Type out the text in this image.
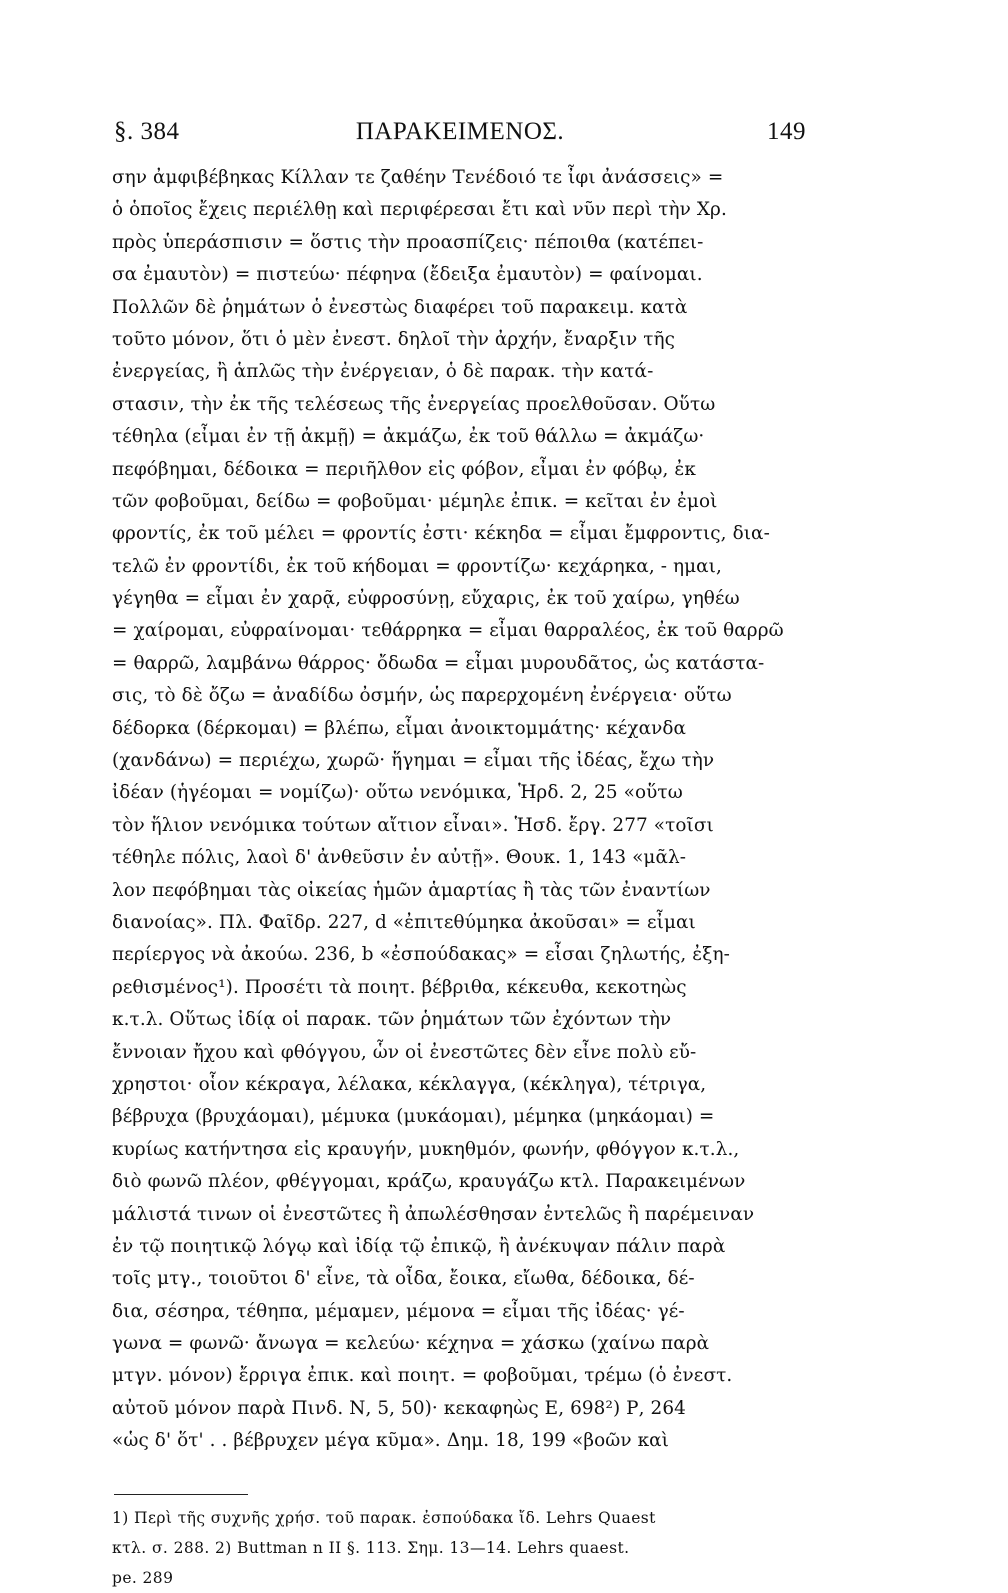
§. 384	ΠΑΡΑΚΕΙΜΕΝΟΣ.	149
σην ἀμφιβέβηκας Κίλλαν τε ζαθέην Τενέδοιό τε ἶφι ἀνάσσεις» =
ὁ ὁποῖος ἔχεις περιέλθῃ καὶ περιφέρεσαι ἔτι καὶ νῦν περὶ τὴν Χρ.
πρὸς ὑπεράσπισιν = ὅστις τὴν προασπίζεις· πέποιθα (κατέπει-
σα ἐμαυτὸν) = πιστεύω· πέφηνα (ἔδειξα ἐμαυτὸν) = φαίνομαι.
Πολλῶν δὲ ῥημάτων ὁ ἐνεστὼς διαφέρει τοῦ παρακειμ. κατὰ
τοῦτο μόνον, ὅτι ὁ μὲν ἐνεστ. δηλοῖ τὴν ἀρχήν, ἔναρξιν τῆς
ἐνεργείας, ἢ ἁπλῶς τὴν ἐνέργειαν, ὁ δὲ παρακ. τὴν κατά-
στασιν, τὴν ἐκ τῆς τελέσεως τῆς ἐνεργείας προελθοῦσαν. Οὕτω
τέθηλα (εἶμαι ἐν τῇ ἀκμῇ) = ἀκμάζω, ἐκ τοῦ θάλλω = ἀκμάζω·
πεφόβημαι, δέδοικα = περιῆλθον εἰς φόβον, εἶμαι ἐν φόβῳ, ἐκ
τῶν φοβοῦμαι, δείδω = φοβοῦμαι· μέμηλε ἐπικ. = κεῖται ἐν ἐμοὶ
φροντίς, ἐκ τοῦ μέλει = φροντίς ἐστι· κέκηδα = εἶμαι ἔμφροντις, δια-
τελῶ ἐν φροντίδι, ἐκ τοῦ κήδομαι = φροντίζω· κεχάρηκα, - ημαι,
γέγηθα = εἶμαι ἐν χαρᾷ, εὐφροσύνῃ, εὔχαρις, ἐκ τοῦ χαίρω, γηθέω
= χαίρομαι, εὐφραίνομαι· τεθάρρηκα = εἶμαι θαρραλέος, ἐκ τοῦ θαρρῶ
= θαρρῶ, λαμβάνω θάρρος· ὄδωδα = εἶμαι μυρουδᾶτος, ὡς κατάστα-
σις, τὸ δὲ ὄζω = ἀναδίδω ὀσμήν, ὡς παρερχομένη ἐνέργεια· οὕτω
δέδορκα (δέρκομαι) = βλέπω, εἶμαι ἀνοικτομμάτης· κέχανδα
(χανδάνω) = περιέχω, χωρῶ· ἥγημαι = εἶμαι τῆς ἰδέας, ἔχω τὴν
ἰδέαν (ἡγέομαι = νομίζω)· οὕτω νενόμικα, Ἡρδ. 2, 25 «οὕτω
τὸν ἥλιον νενόμικα τούτων αἴτιον εἶναι». Ἡσδ. ἔργ. 277 «τοῖσι
τέθηλε πόλις, λαοὶ δ' ἀνθεῦσιν ἐν αὐτῇ». Θουκ. 1, 143 «μᾶλ-
λον πεφόβημαι τὰς οἰκείας ἡμῶν ἁμαρτίας ἢ τὰς τῶν ἐναντίων
διανοίας». Πλ. Φαῖδρ. 227, d «ἐπιτεθύμηκα ἀκοῦσαι» = εἶμαι
περίεργος νὰ ἀκούω. 236, b «ἐσπούδακας» = εἶσαι ζηλωτής, ἐξη-
ρεθισμένος¹). Προσέτι τὰ ποιητ. βέβριθα, κέκευθα, κεκοτηὼς
κ.τ.λ. Οὕτως ἰδίᾳ οἱ παρακ. τῶν ῥημάτων τῶν ἐχόντων τὴν
ἔννοιαν ἤχου καὶ φθόγγου, ὧν οἱ ἐνεστῶτες δὲν εἶνε πολὺ εὔ-
χρηστοι· οἷον κέκραγα, λέλακα, κέκλαγγα, (κέκληγα), τέτριγα,
βέβρυχα (βρυχάομαι), μέμυκα (μυκάομαι), μέμηκα (μηκάομαι) =
κυρίως κατήντησα εἰς κραυγήν, μυκηθμόν, φωνήν, φθόγγον κ.τ.λ.,
διὸ φωνῶ πλέον, φθέγγομαι, κράζω, κραυγάζω κτλ. Παρακειμένων
μάλιστά τινων οἱ ἐνεστῶτες ἢ ἀπωλέσθησαν ἐντελῶς ἢ παρέμειναν
ἐν τῷ ποιητικῷ λόγῳ καὶ ἰδίᾳ τῷ ἐπικῷ, ἢ ἀνέκυψαν πάλιν παρὰ
τοῖς μτγ., τοιοῦτοι δ' εἶνε, τὰ οἶδα, ἔοικα, εἴωθα, δέδοικα, δέ-
δια, σέσηρα, τέθηπα, μέμαμεν, μέμονα = εἶμαι τῆς ἰδέας· γέ-
γωνα = φωνῶ· ἄνωγα = κελεύω· κέχηνα = χάσκω (χαίνω παρὰ
μτγν. μόνον) ἔρριγα ἐπικ. καὶ ποιητ. = φοβοῦμαι, τρέμω (ὁ ἐνεστ.
αὐτοῦ μόνον παρὰ Πινδ. Ν, 5, 50)· κεκαφηὼς Ε, 698²) Ρ, 264
«ὡς δ' ὅτ' . . βέβρυχεν μέγα κῦμα». Δημ. 18, 199 «βοῶν καὶ
1) Περὶ τῆς συχνῆς χρήσ. τοῦ παρακ. ἐσπούδακα ἴδ. Lehrs Quaest
κτλ. σ. 288. 2) Buttman n II §. 113. Σημ. 13—14. Lehrs quaest.
pe. 289
